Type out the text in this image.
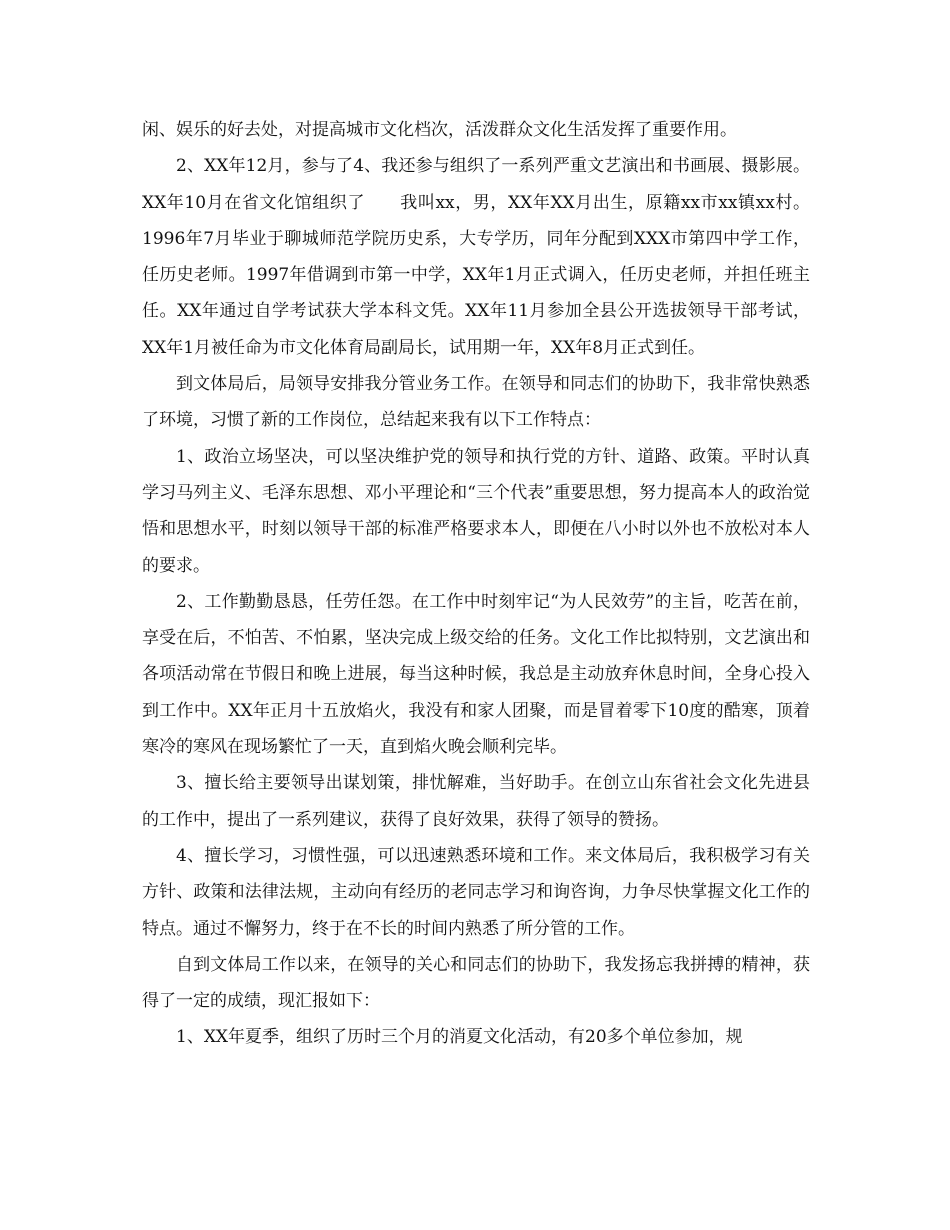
闲、娱乐的好去处，对提高城市文化档次，活泼群众文化生活发挥了重要作用。

2、XX年12月，参与了4、我还参与组织了一系列严重文艺演出和书画展、摄影展。XX年10月在省文化馆组织了　　我叫xx，男，XX年XX月出生，原籍xx市xx镇xx村。1996年7月毕业于聊城师范学院历史系，大专学历，同年分配到XXX市第四中学工作，任历史老师。1997年借调到市第一中学，XX年1月正式调入，任历史老师，并担任班主任。XX年通过自学考试获大学本科文凭。XX年11月参加全县公开选拔领导干部考试，XX年1月被任命为市文化体育局副局长，试用期一年，XX年8月正式到任。

到文体局后，局领导安排我分管业务工作。在领导和同志们的协助下，我非常快熟悉了环境，习惯了新的工作岗位，总结起来我有以下工作特点：

1、政治立场坚决，可以坚决维护党的领导和执行党的方针、道路、政策。平时认真学习马列主义、毛泽东思想、邓小平理论和“三个代表”重要思想，努力提高本人的政治觉悟和思想水平，时刻以领导干部的标准严格要求本人，即便在八小时以外也不放松对本人的要求。

2、工作勤勤恳恳，任劳任怨。在工作中时刻牢记“为人民效劳”的主旨，吃苦在前，享受在后，不怕苦、不怕累，坚决完成上级交给的任务。文化工作比拟特别，文艺演出和各项活动常在节假日和晚上进展，每当这种时候，我总是主动放弃休息时间，全身心投入到工作中。XX年正月十五放焰火，我没有和家人团聚，而是冒着零下10度的酷寒，顶着寒冷的寒风在现场繁忙了一天，直到焰火晚会顺利完毕。

3、擅长给主要领导出谋划策，排忧解难，当好助手。在创立山东省社会文化先进县的工作中，提出了一系列建议，获得了良好效果，获得了领导的赞扬。

4、擅长学习，习惯性强，可以迅速熟悉环境和工作。来文体局后，我积极学习有关方针、政策和法律法规，主动向有经历的老同志学习和询咨询，力争尽快掌握文化工作的特点。通过不懈努力，终于在不长的时间内熟悉了所分管的工作。

自到文体局工作以来，在领导的关心和同志们的协助下，我发扬忘我拼搏的精神，获得了一定的成绩，现汇报如下：

1、XX年夏季，组织了历时三个月的消夏文化活动，有20多个单位参加，规
